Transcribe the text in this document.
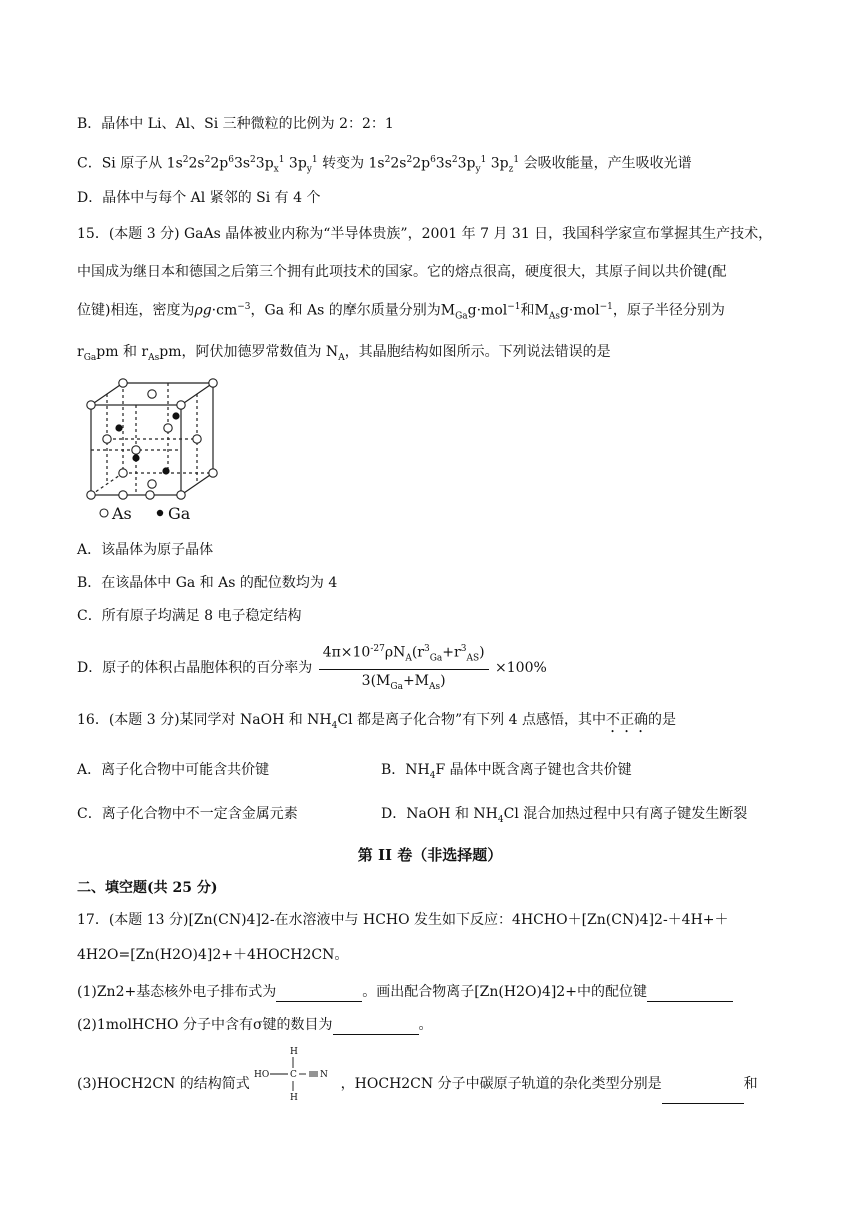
B．晶体中 Li、Al、Si 三种微粒的比例为 2：2：1
C．Si 原子从 $1s^22s^22p^63s^23p_x^1$ $3p_y^1$ 转变为 $1s^22s^22p^63s^23p_y^1$ $3p_z^1$ 会吸收能量，产生吸收光谱
D．晶体中与每个 Al 紧邻的 Si 有 4 个
15．(本题 3 分) GaAs 晶体被业内称为“半导体贵族”，2001 年 7 月 31 日，我国科学家宣布掌握其生产技术，
中国成为继日本和德国之后第三个拥有此项技术的国家。它的熔点很高，硬度很大，其原子间以共价键(配
位键)相连，密度为$\rho g\cdot cm^{-3}$，Ga 和 As 的摩尔质量分别为$M_{Ga}g\cdot mol^{-1}$和$M_{As}g\cdot mol^{-1}$，原子半径分别为
$r_{Ga}pm$ 和 $r_{As}pm$，阿伏加德罗常数值为 $N_A$，其晶胞结构如图所示。下列说法错误的是
As Ga
A．该晶体为原子晶体
B．在该晶体中 Ga 和 As 的配位数均为 4
C．所有原子均满足 8 电子稳定结构
D．原子的体积占晶胞体积的百分率为 $\frac{4\pi\times 10^{-27}\rho N_A(r^3_{Ga}+r^3_{AS})}{3(M_{Ga}+M_{As})} \times 100\%$
16．(本题 3 分)某同学对 NaOH 和 $NH_4Cl$ 都是离子化合物”有下列 4 点感悟，其中不正确的是
A．离子化合物中可能含共价键	B．$NH_4F$ 晶体中既含离子键也含共价键
C．离子化合物中不一定含金属元素	D．NaOH 和 $NH_4Cl$ 混合加热过程中只有离子键发生断裂
第 II 卷（非选择题）
二、填空题(共 25 分)
17．(本题 13 分)[Zn(CN)4]2-在水溶液中与 HCHO 发生如下反应：4HCHO＋[Zn(CN)4]2-＋4H+＋
4H2O=[Zn(H2O)4]2+＋4HOCH2CN。
(1)Zn2+基态核外电子排布式为	。画出配合物离子[Zn(H2O)4]2+中的配位键
(2)1molHCHO 分子中含有σ键的数目为	。
(3)HOCH2CN 的结构简式
H
HO C	N
H
，HOCH2CN 分子中碳原子轨道的杂化类型分别是	和
